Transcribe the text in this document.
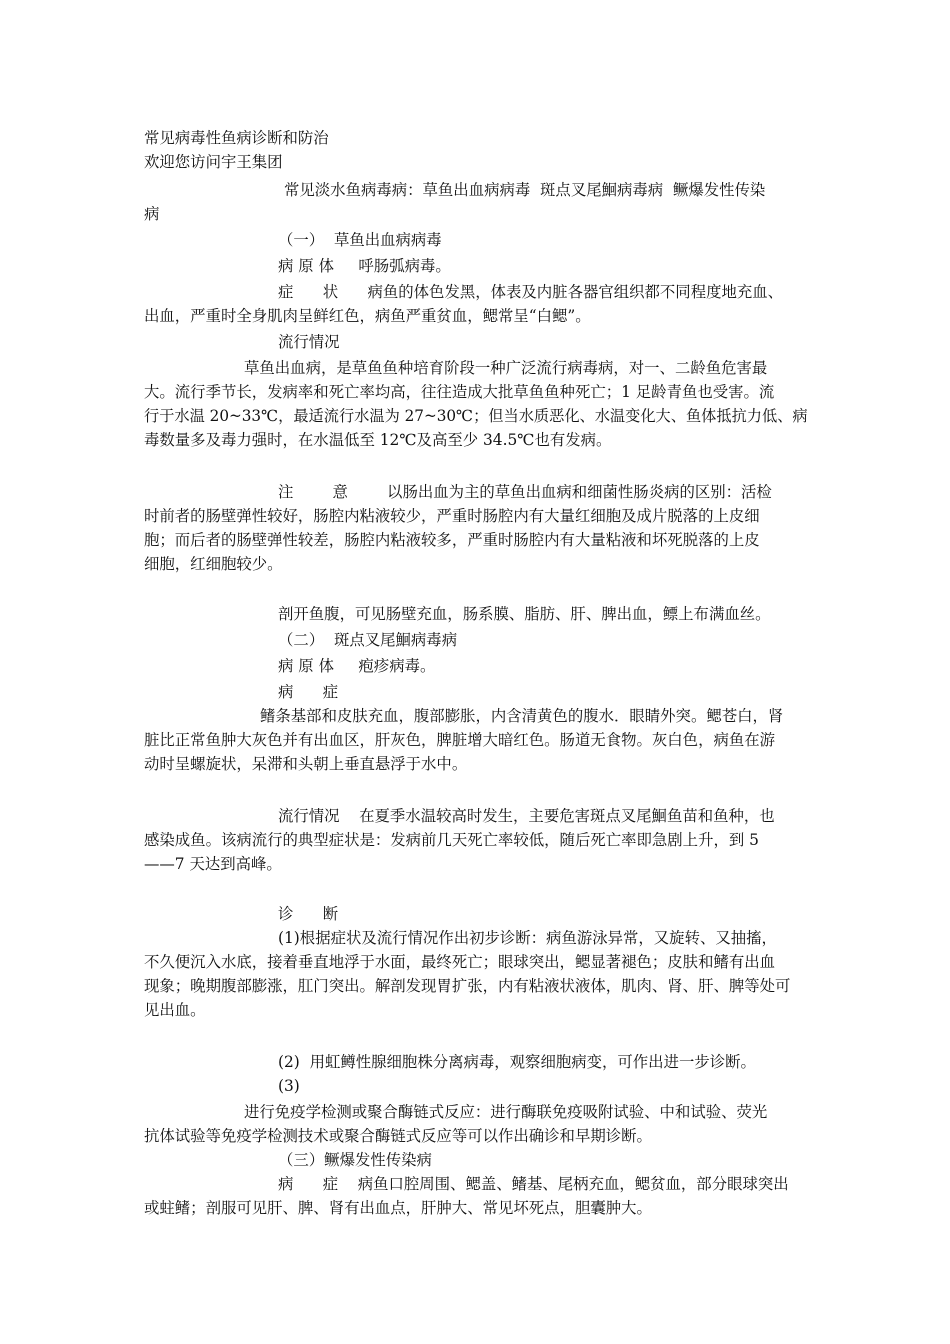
常见病毒性鱼病诊断和防治
欢迎您访问宇王集团
常见淡水鱼病毒病：草鱼出血病病毒  斑点叉尾鮰病毒病  鳜爆发性传染
病
（一）  草鱼出血病病毒
病 原 体     呼肠弧病毒。
症      状      病鱼的体色发黑，体表及内脏各器官组织都不同程度地充血、
出血，严重时全身肌肉呈鲜红色，病鱼严重贫血，鳃常呈“白鳃”。
流行情况
草鱼出血病，是草鱼鱼种培育阶段一种广泛流行病毒病，对一、二龄鱼危害最
大。流行季节长，发病率和死亡率均高，往往造成大批草鱼鱼种死亡；1 足龄青鱼也受害。流
行于水温 20~33℃，最适流行水温为 27~30℃；但当水质恶化、水温变化大、鱼体抵抗力低、病
毒数量多及毒力强时，在水温低至 12℃及高至少 34.5℃也有发病。
注        意        以肠出血为主的草鱼出血病和细菌性肠炎病的区别：活检
时前者的肠壁弹性较好，肠腔内粘液较少，严重时肠腔内有大量红细胞及成片脱落的上皮细
胞；而后者的肠壁弹性较差，肠腔内粘液较多，严重时肠腔内有大量粘液和坏死脱落的上皮
细胞，红细胞较少。
剖开鱼腹，可见肠壁充血，肠系膜、脂肪、肝、脾出血，鳔上布满血丝。
（二）  斑点叉尾鮰病毒病
病 原 体     疱疹病毒。
病      症
鳍条基部和皮肤充血，腹部膨胀，内含清黄色的腹水．眼睛外突。鳃苍白，肾
脏比正常鱼肿大灰色并有出血区，肝灰色，脾脏增大暗红色。肠道无食物。灰白色，病鱼在游
动时呈螺旋状，呆滞和头朝上垂直悬浮于水中。
流行情况    在夏季水温较高时发生，主要危害斑点叉尾鮰鱼苗和鱼种，也
感染成鱼。该病流行的典型症状是：发病前几天死亡率较低，随后死亡率即急剧上升，到 5
——7 天达到高峰。
诊      断
(1)根据症状及流行情况作出初步诊断：病鱼游泳异常，又旋转、又抽搐，
不久便沉入水底，接着垂直地浮于水面，最终死亡；眼球突出，鳃显著褪色；皮肤和鳍有出血
现象；晚期腹部膨涨，肛门突出。解剖发现胃扩张，内有粘液状液体，肌肉、肾、肝、脾等处可
见出血。
(2)  用虹鳟性腺细胞株分离病毒，观察细胞病变，可作出进一步诊断。
(3)
进行免疫学检测或聚合酶链式反应：进行酶联免疫吸附试验、中和试验、荧光
抗体试验等免疫学检测技术或聚合酶链式反应等可以作出确诊和早期诊断。
（三）鳜爆发性传染病
病      症    病鱼口腔周围、鳃盖、鳍基、尾柄充血，鳃贫血，部分眼球突出
或蛀鳍；剖服可见肝、脾、肾有出血点，肝肿大、常见坏死点，胆囊肿大。
